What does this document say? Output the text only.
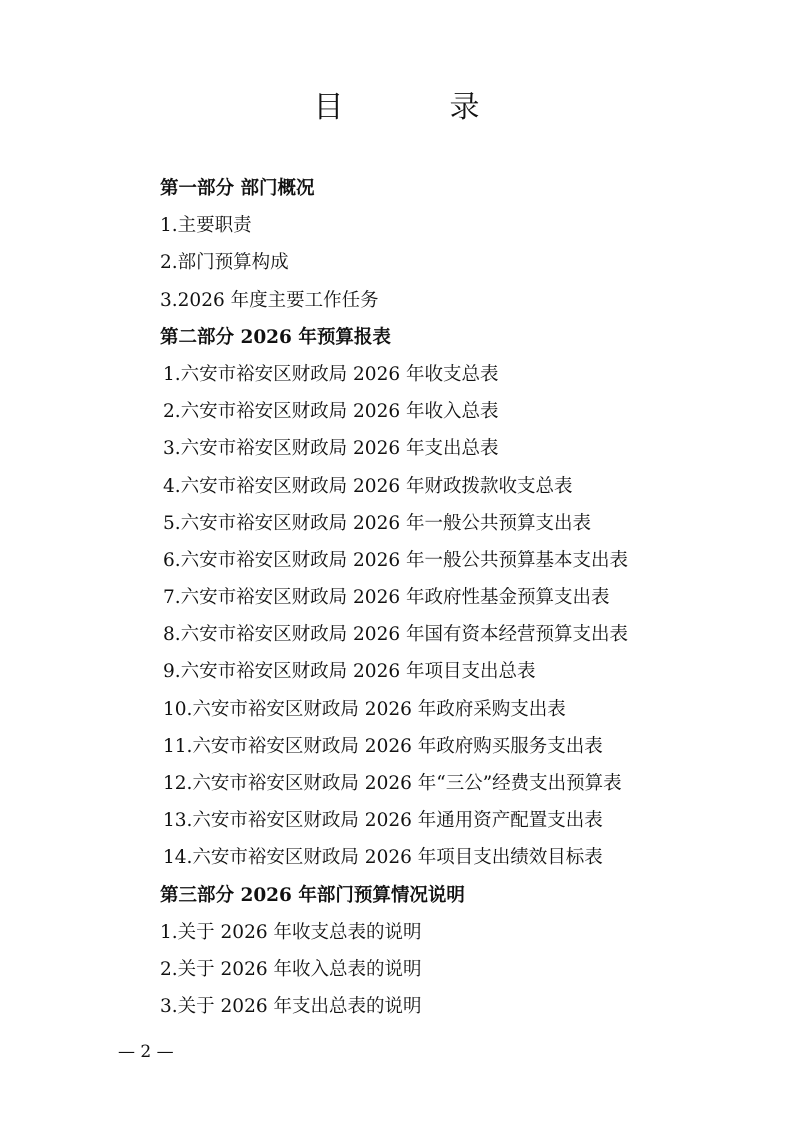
目　录
第一部分 部门概况
1.主要职责
2.部门预算构成
3.2026 年度主要工作任务
第二部分 2026 年预算报表
1.六安市裕安区财政局 2026 年收支总表
2.六安市裕安区财政局 2026 年收入总表
3.六安市裕安区财政局 2026 年支出总表
4.六安市裕安区财政局 2026 年财政拨款收支总表
5.六安市裕安区财政局 2026 年一般公共预算支出表
6.六安市裕安区财政局 2026 年一般公共预算基本支出表
7.六安市裕安区财政局 2026 年政府性基金预算支出表
8.六安市裕安区财政局 2026 年国有资本经营预算支出表
9.六安市裕安区财政局 2026 年项目支出总表
10.六安市裕安区财政局 2026 年政府采购支出表
11.六安市裕安区财政局 2026 年政府购买服务支出表
12.六安市裕安区财政局 2026 年“三公”经费支出预算表
13.六安市裕安区财政局 2026 年通用资产配置支出表
14.六安市裕安区财政局 2026 年项目支出绩效目标表
第三部分 2026 年部门预算情况说明
1.关于 2026 年收支总表的说明
2.关于 2026 年收入总表的说明
3.关于 2026 年支出总表的说明
— 2 —
